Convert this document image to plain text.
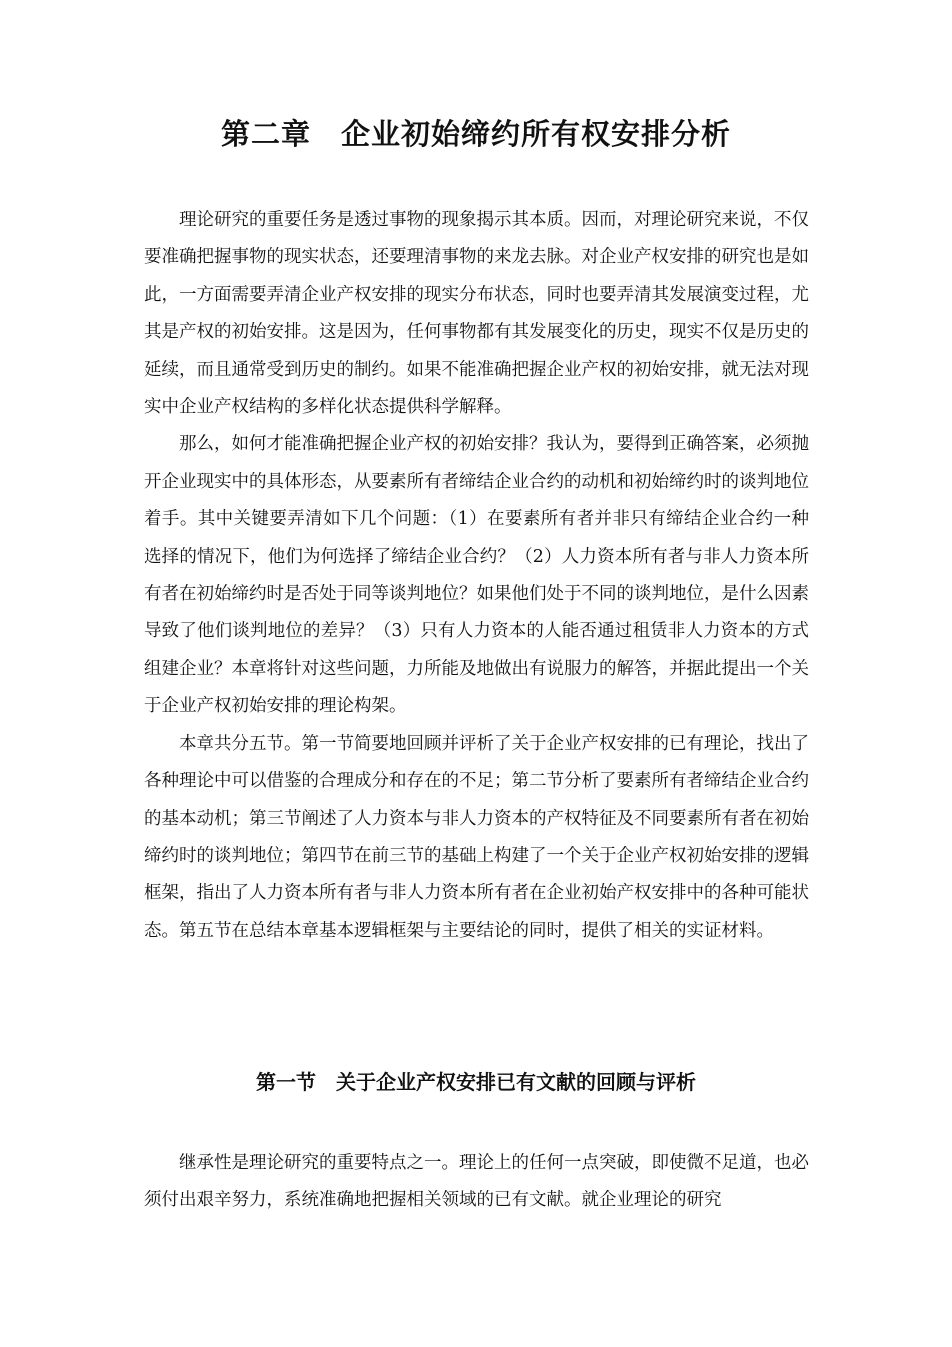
第二章　企业初始缔约所有权安排分析

理论研究的重要任务是透过事物的现象揭示其本质。因而，对理论研究来说，不仅要准确把握事物的现实状态，还要理清事物的来龙去脉。对企业产权安排的研究也是如此，一方面需要弄清企业产权安排的现实分布状态，同时也要弄清其发展演变过程，尤其是产权的初始安排。这是因为，任何事物都有其发展变化的历史，现实不仅是历史的延续，而且通常受到历史的制约。如果不能准确把握企业产权的初始安排，就无法对现实中企业产权结构的多样化状态提供科学解释。

那么，如何才能准确把握企业产权的初始安排？我认为，要得到正确答案，必须抛开企业现实中的具体形态，从要素所有者缔结企业合约的动机和初始缔约时的谈判地位着手。其中关键要弄清如下几个问题：（1）在要素所有者并非只有缔结企业合约一种选择的情况下，他们为何选择了缔结企业合约？（2）人力资本所有者与非人力资本所有者在初始缔约时是否处于同等谈判地位？如果他们处于不同的谈判地位，是什么因素导致了他们谈判地位的差异？（3）只有人力资本的人能否通过租赁非人力资本的方式组建企业？本章将针对这些问题，力所能及地做出有说服力的解答，并据此提出一个关于企业产权初始安排的理论构架。

本章共分五节。第一节简要地回顾并评析了关于企业产权安排的已有理论，找出了各种理论中可以借鉴的合理成分和存在的不足；第二节分析了要素所有者缔结企业合约的基本动机；第三节阐述了人力资本与非人力资本的产权特征及不同要素所有者在初始缔约时的谈判地位；第四节在前三节的基础上构建了一个关于企业产权初始安排的逻辑框架，指出了人力资本所有者与非人力资本所有者在企业初始产权安排中的各种可能状态。第五节在总结本章基本逻辑框架与主要结论的同时，提供了相关的实证材料。

第一节　关于企业产权安排已有文献的回顾与评析

继承性是理论研究的重要特点之一。理论上的任何一点突破，即使微不足道，也必须付出艰辛努力，系统准确地把握相关领域的已有文献。就企业理论的研究
